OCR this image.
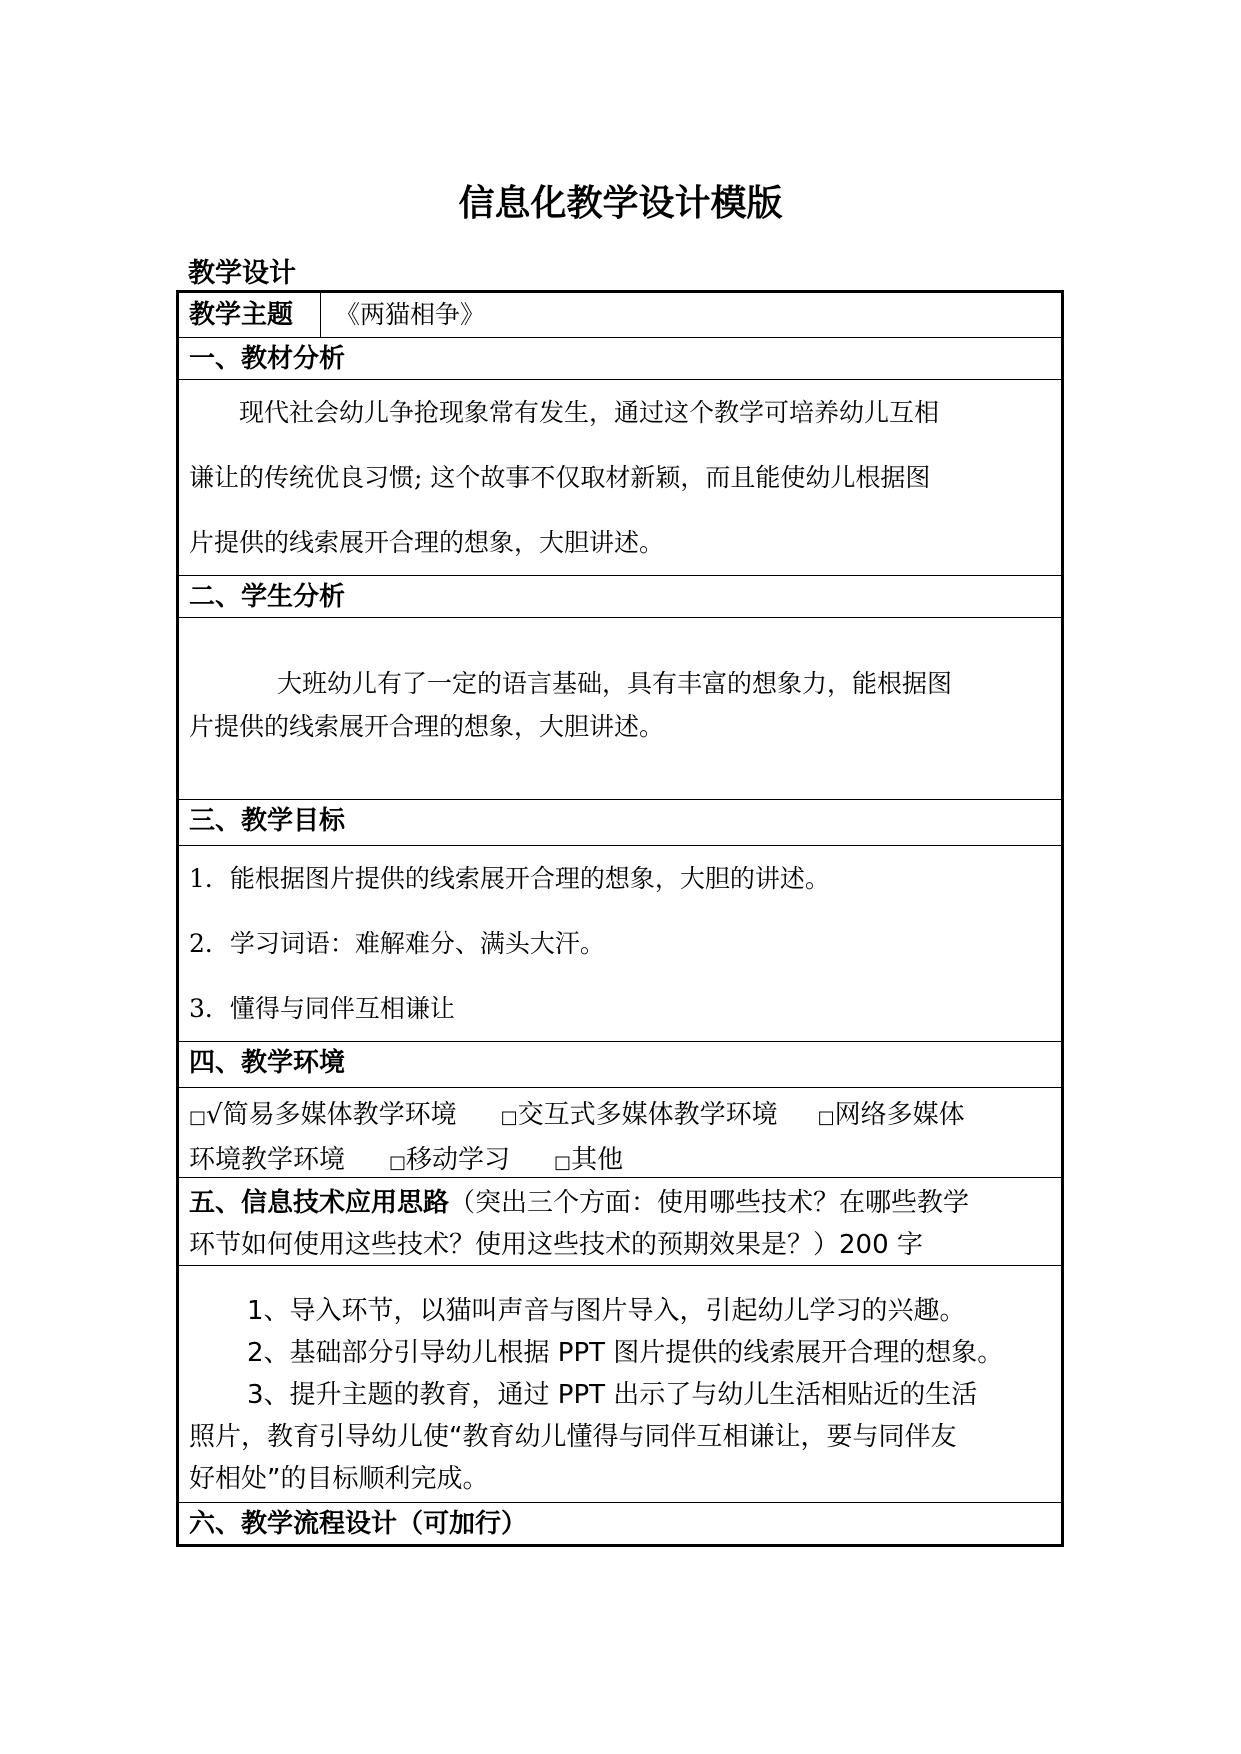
信息化教学设计模版
教学设计
教学主题	《两猫相争》
一、教材分析

现代社会幼儿争抢现象常有发生，通过这个教学可培养幼儿互相
谦让的传统优良习惯; 这个故事不仅取材新颖，而且能使幼儿根据图
片提供的线索展开合理的想象，大胆讲述。

二、学生分析

大班幼儿有了一定的语言基础，具有丰富的想象力，能根据图
片提供的线索展开合理的想象，大胆讲述。

三、教学目标

1．能根据图片提供的线索展开合理的想象，大胆的讲述。
2．学习词语：难解难分、满头大汗。
3．懂得与同伴互相谦让

四、教学环境

□√简易多媒体教学环境 □交互式多媒体教学环境 □网络多媒体
环境教学环境 □移动学习 □其他

五、信息技术应用思路（突出三个方面：使用哪些技术？在哪些教学
环节如何使用这些技术？使用这些技术的预期效果是？）200 字

1、导入环节，以猫叫声音与图片导入，引起幼儿学习的兴趣。
2、基础部分引导幼儿根据 PPT 图片提供的线索展开合理的想象。
3、提升主题的教育，通过 PPT 出示了与幼儿生活相贴近的生活
照片，教育引导幼儿使“教育幼儿懂得与同伴互相谦让，要与同伴友
好相处”的目标顺利完成。

六、教学流程设计（可加行）
